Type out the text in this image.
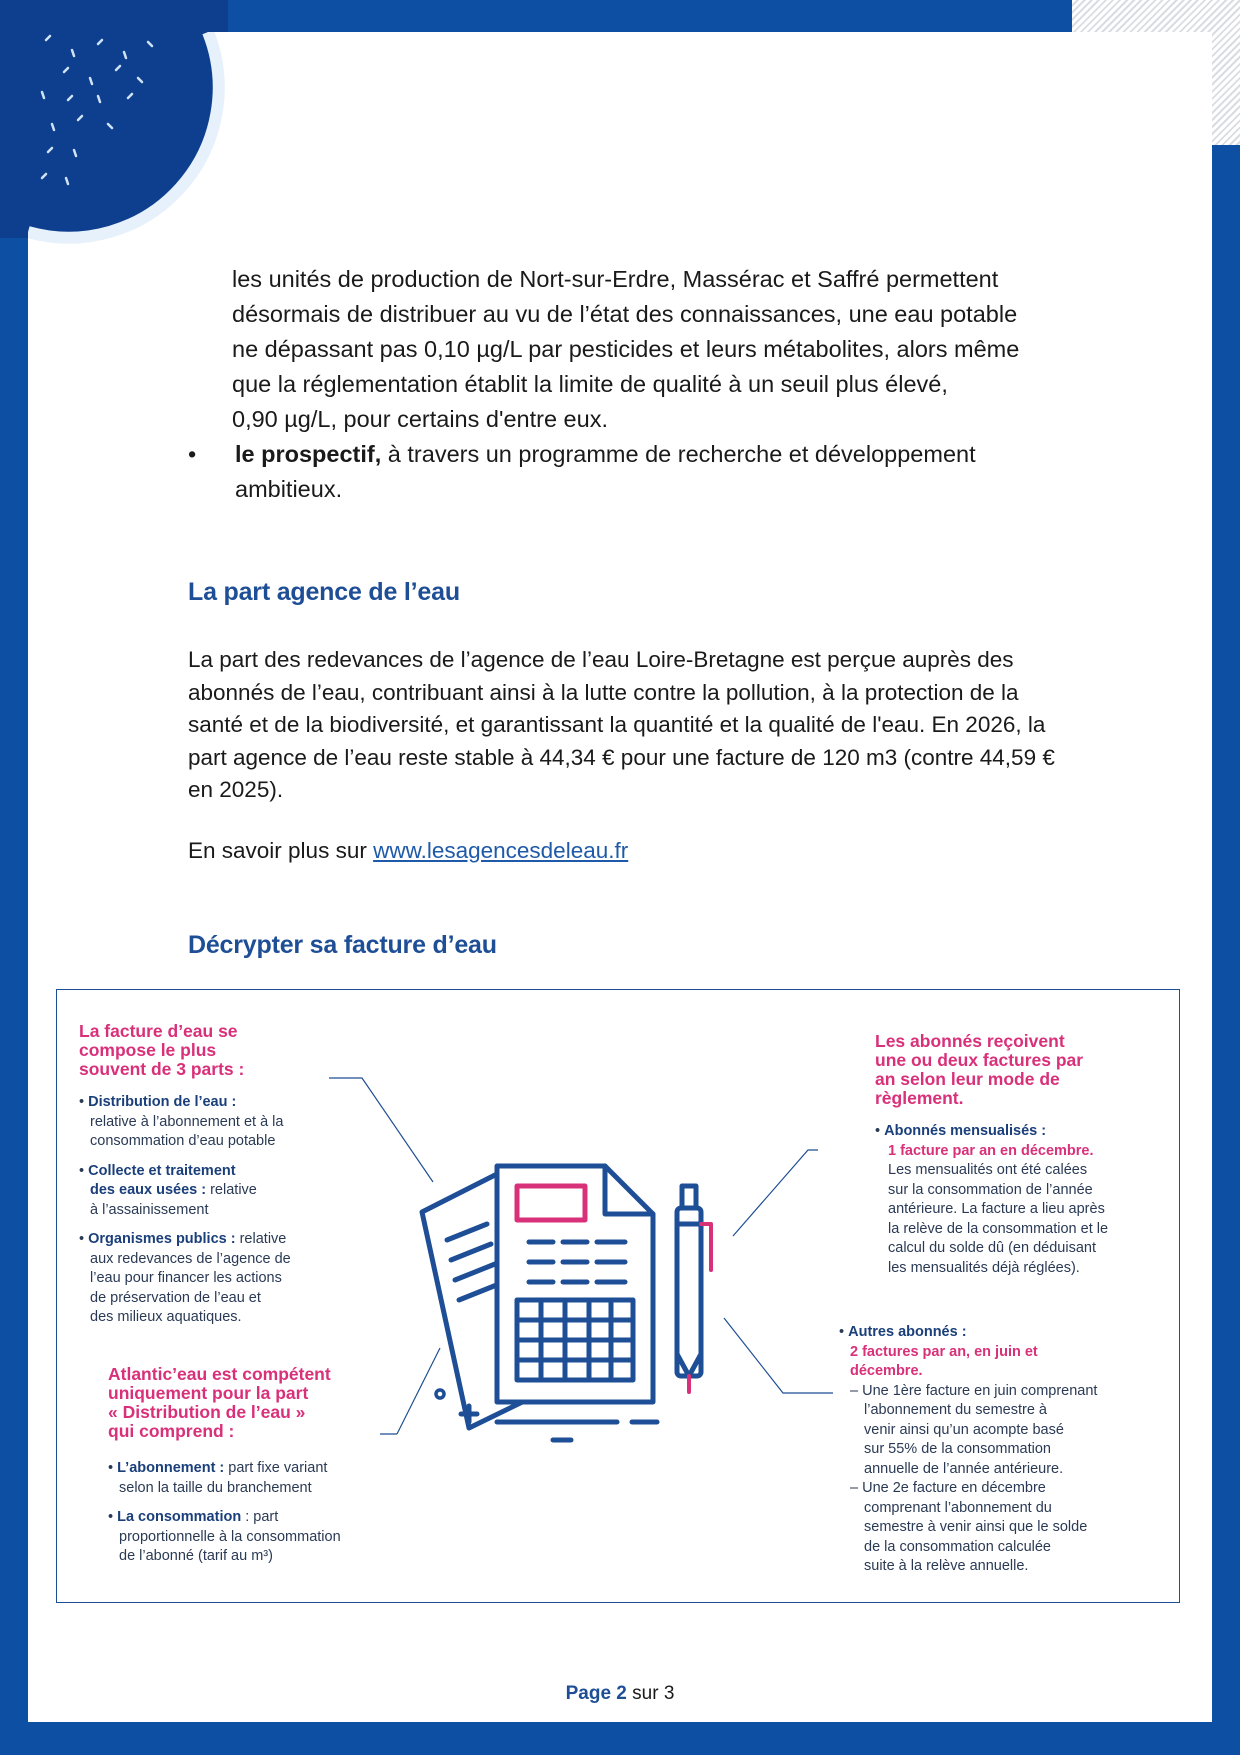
les unités de production de Nort-sur-Erdre, Massérac et Saffré permettent

désormais de distribuer au vu de l’état des connaissances, une eau potable

ne dépassant pas 0,10 µg/L par pesticides et leurs métabolites, alors même

que la réglementation établit la limite de qualité à un seuil plus élevé,

0,90 µg/L, pour certains d'entre eux.

• le prospectif, à travers un programme de recherche et développement
ambitieux.
La part agence de l’eau
La part des redevances de l’agence de l’eau Loire-Bretagne est perçue auprès des
abonnés de l’eau, contribuant ainsi à la lutte contre la pollution, à la protection de la
santé et de la biodiversité, et garantissant la quantité et la qualité de l'eau. En 2026, la
part agence de l’eau reste stable à 44,34 € pour une facture de 120 m3 (contre 44,59 €
en 2025).
En savoir plus sur www.lesagencesdeleau.fr
Décrypter sa facture d’eau
La facture d’eau se
compose le plus
souvent de 3 parts :
• Distribution de l’eau :
relative à l’abonnement et à la
consommation d’eau potable
• Collecte et traitement
des eaux usées : relative
à l’assainissement
• Organismes publics : relative
aux redevances de l’agence de
l’eau pour financer les actions
de préservation de l’eau et
des milieux aquatiques.
Atlantic’eau est compétent
uniquement pour la part
« Distribution de l’eau »
qui comprend :
• L’abonnement : part fixe variant
selon la taille du branchement
• La consommation : part
proportionnelle à la consommation
de l’abonné (tarif au m³)
Les abonnés reçoivent
une ou deux factures par
an selon leur mode de
règlement.
• Abonnés mensualisés :
1 facture par an en décembre.
Les mensualités ont été calées
sur la consommation de l’année
antérieure. La facture a lieu après
la relève de la consommation et le
calcul du solde dû (en déduisant
les mensualités déjà réglées).
• Autres abonnés :
2 factures par an, en juin et
décembre.
– Une 1ère facture en juin comprenant
l’abonnement du semestre à
venir ainsi qu’un acompte basé
sur 55% de la consommation
annuelle de l’année antérieure.
– Une 2e facture en décembre
comprenant l’abonnement du
semestre à venir ainsi que le solde
de la consommation calculée
suite à la relève annuelle.
Page 2 sur 3
